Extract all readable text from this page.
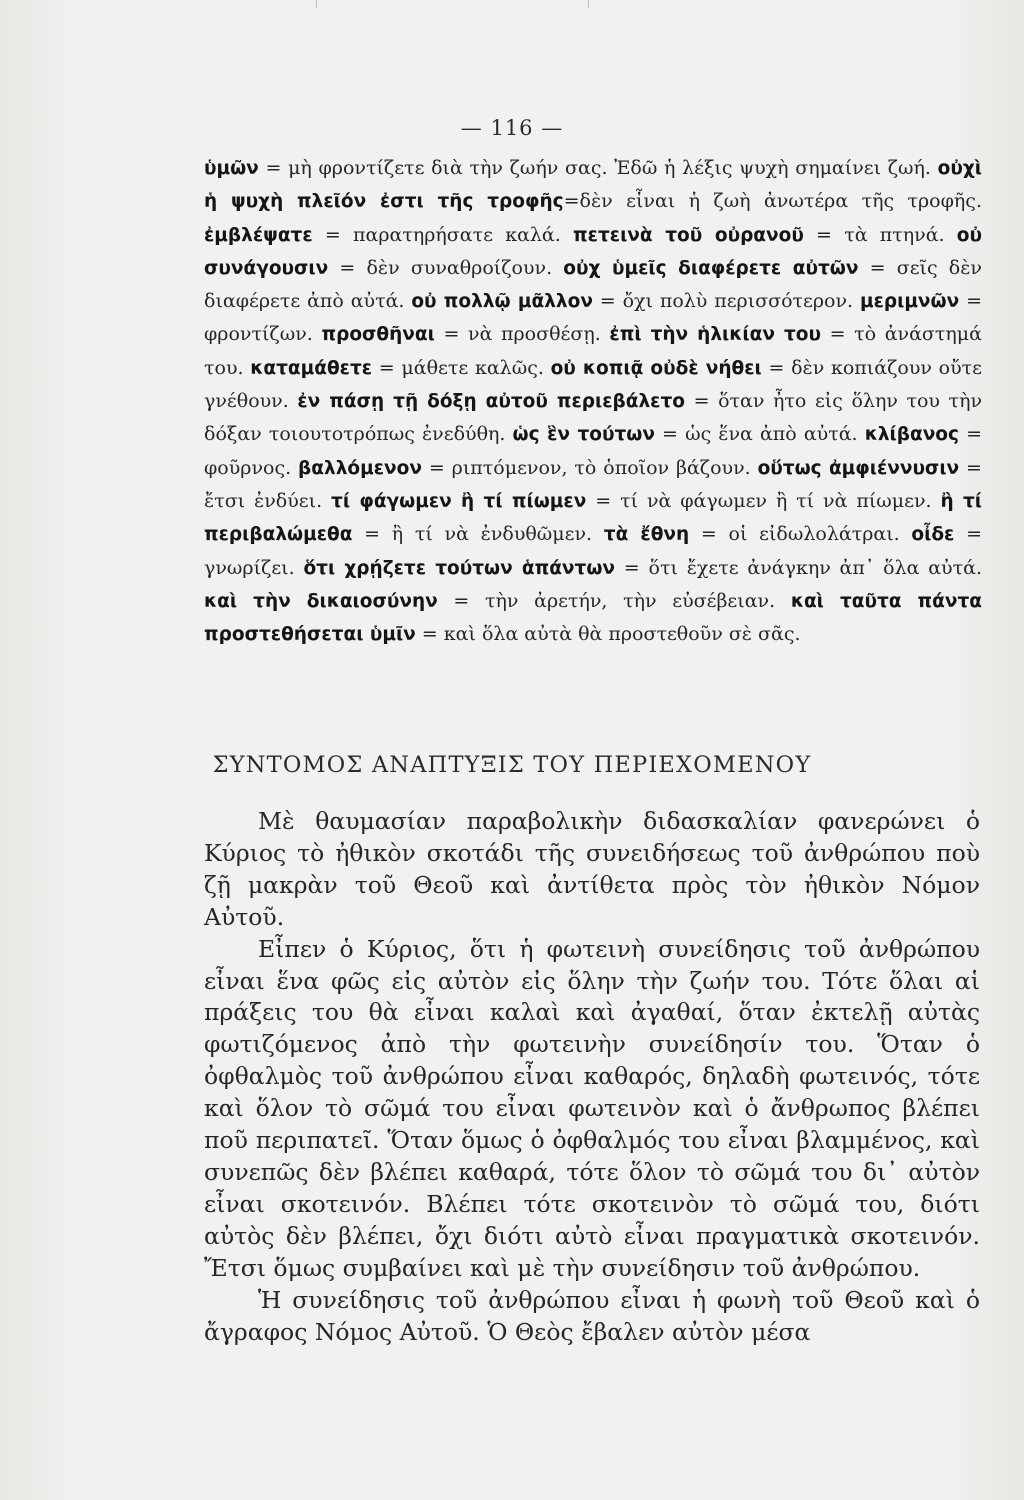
— 116 —
ὑμῶν = μὴ φροντίζετε διὰ τὴν ζωήν σας. Ἐδῶ ἡ λέξις ψυχὴ σημαίνει ζωή. οὐχὶ ἡ ψυχὴ πλεῖόν ἐστι τῆς τροφῆς=δὲν εἶναι ἡ ζωὴ ἀνωτέρα τῆς τροφῆς. ἐμβλέψατε = παρατηρήσατε καλά. πετεινὰ τοῦ οὐρανοῦ = τὰ πτηνά. οὐ συνάγουσιν = δὲν συναθροίζουν. οὐχ ὑμεῖς διαφέρετε αὐτῶν = σεῖς δὲν διαφέρετε ἀπὸ αὐτά. οὐ πολλῷ μᾶλλον = ὄχι πολὺ περισσότερον. μεριμνῶν = φροντίζων. προσθῆναι = νὰ προσθέσῃ. ἐπὶ τὴν ἡλικίαν του = τὸ ἀνάστημά του. καταμάθετε = μάθετε καλῶς. οὐ κοπιᾷ οὐδὲ νήθει = δὲν κοπιάζουν οὔτε γνέθουν. ἐν πάσῃ τῇ δόξῃ αὐτοῦ περιεβάλετο = ὅταν ἦτο εἰς ὅλην του τὴν δόξαν τοιουτοτρόπως ἐνεδύθη. ὡς ἓν τούτων = ὡς ἕνα ἀπὸ αὐτά. κλίβανος = φοῦρνος. βαλλόμενον = ριπτόμενον, τὸ ὁποῖον βάζουν. οὕτως ἀμφιέννυσιν = ἔτσι ἐνδύει. τί φάγωμεν ἢ τί πίωμεν = τί νὰ φάγωμεν ἢ τί νὰ πίωμεν. ἢ τί περιβαλώμεθα = ἢ τί νὰ ἐνδυθῶμεν. τὰ ἔθνη = οἱ εἰδωλολάτραι. οἶδε = γνωρίζει. ὅτι χρῄζετε τούτων ἁπάντων = ὅτι ἔχετε ἀνάγκην ἀπ᾿ ὅλα αὐτά. καὶ τὴν δικαιοσύνην = τὴν ἀρετήν, τὴν εὐσέβειαν. καὶ ταῦτα πάντα προστεθήσεται ὑμῖν = καὶ ὅλα αὐτὰ θὰ προστεθοῦν σὲ σᾶς.
ΣΥΝΤΟΜΟΣ ΑΝΑΠΤΥΞΙΣ ΤΟΥ ΠΕΡΙΕΧΟΜΕΝΟΥ

Μὲ θαυμασίαν παραβολικὴν διδασκαλίαν φανερώνει ὁ Κύριος τὸ ἠθικὸν σκοτάδι τῆς συνειδήσεως τοῦ ἀνθρώπου ποὺ ζῇ μακρὰν τοῦ Θεοῦ καὶ ἀντίθετα πρὸς τὸν ἠθικὸν Νόμον Αὐτοῦ.

Εἶπεν ὁ Κύριος, ὅτι ἡ φωτεινὴ συνείδησις τοῦ ἀνθρώπου εἶναι ἕνα φῶς εἰς αὐτὸν εἰς ὅλην τὴν ζωήν του. Τότε ὅλαι αἱ πράξεις του θὰ εἶναι καλαὶ καὶ ἀγαθαί, ὅταν ἐκτελῇ αὐτὰς φωτιζόμενος ἀπὸ τὴν φωτεινὴν συνείδησίν του. Ὅταν ὁ ὀφθαλμὸς τοῦ ἀνθρώπου εἶναι καθαρός, δηλαδὴ φωτεινός, τότε καὶ ὅλον τὸ σῶμά του εἶναι φωτεινὸν καὶ ὁ ἄνθρωπος βλέπει ποῦ περιπατεῖ. Ὅταν ὅμως ὁ ὀφθαλμός του εἶναι βλαμμένος, καὶ συνεπῶς δὲν βλέπει καθαρά, τότε ὅλον τὸ σῶμά του δι᾿ αὐτὸν εἶναι σκοτεινόν. Βλέπει τότε σκοτεινὸν τὸ σῶμά του, διότι αὐτὸς δὲν βλέπει, ὄχι διότι αὐτὸ εἶναι πραγματικὰ σκοτεινόν. Ἔτσι ὅμως συμβαίνει καὶ μὲ τὴν συνείδησιν τοῦ ἀνθρώπου.

Ἡ συνείδησις τοῦ ἀνθρώπου εἶναι ἡ φωνὴ τοῦ Θεοῦ καὶ ὁ ἄγραφος Νόμος Αὐτοῦ. Ὁ Θεὸς ἔβαλεν αὐτὸν μέσα
